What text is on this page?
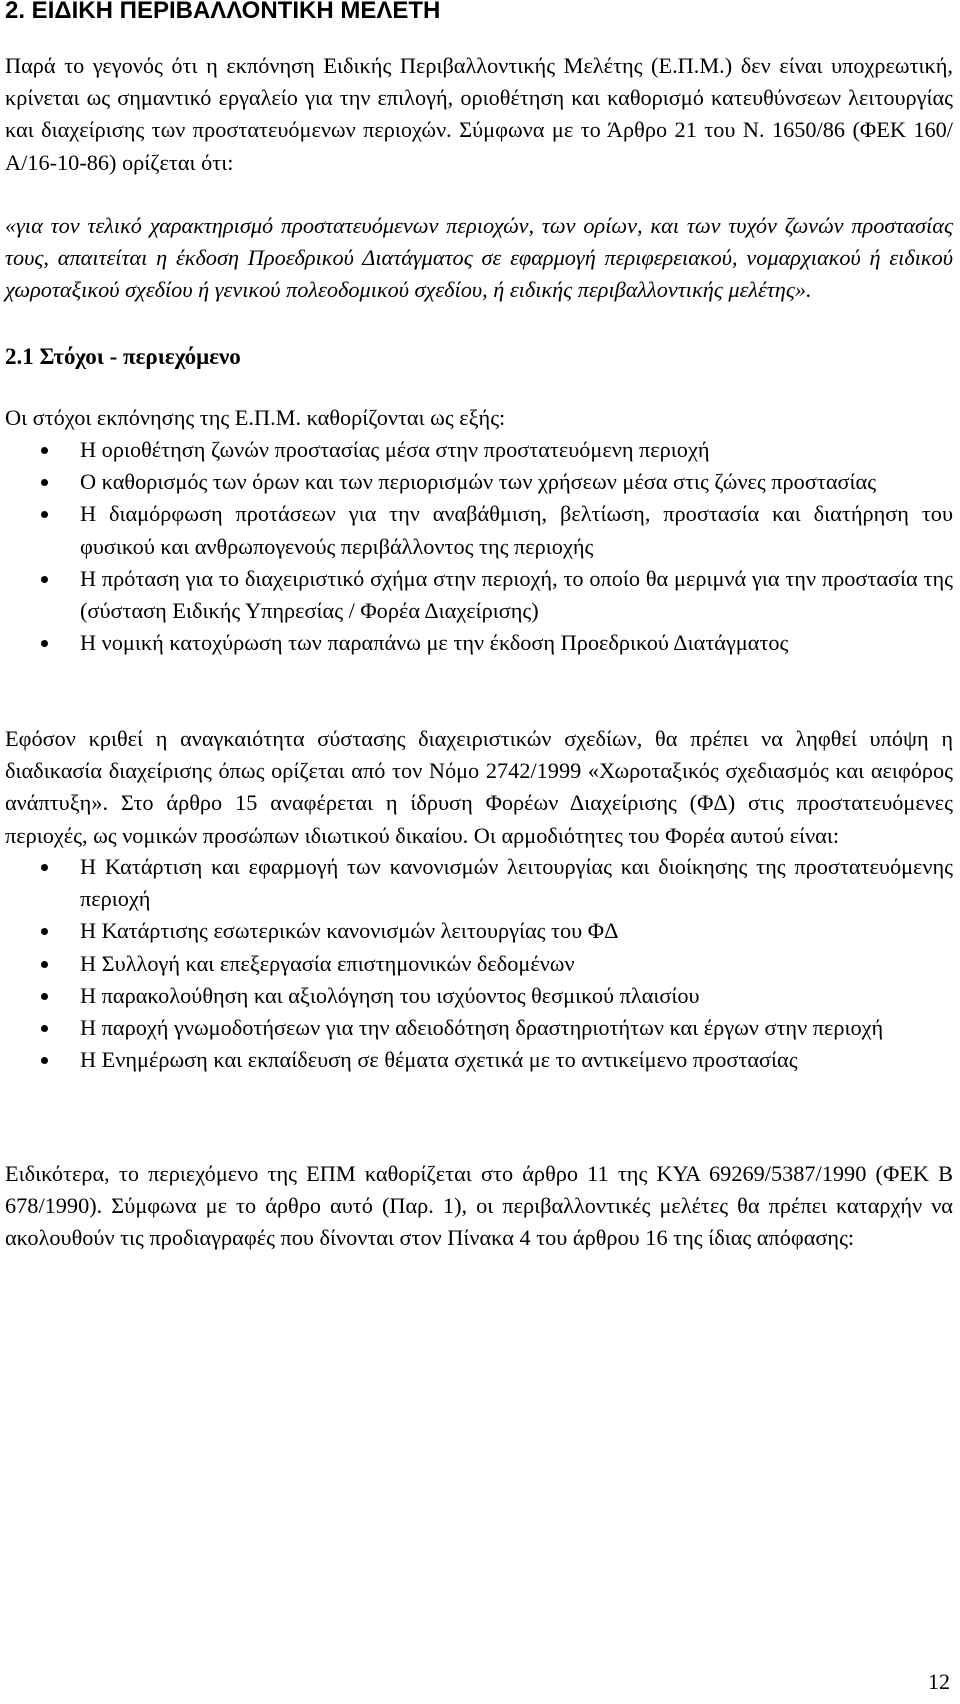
2. ΕΙΔΙΚΗ ΠΕΡΙΒΑΛΛΟΝΤΙΚΗ ΜΕΛΕΤΗ

Παρά το γεγονός ότι η εκπόνηση Ειδικής Περιβαλλοντικής Μελέτης (Ε.Π.Μ.) δεν είναι υποχρεωτική, κρίνεται ως σημαντικό εργαλείο για την επιλογή, οριοθέτηση και καθορισμό κατευθύνσεων λειτουργίας και διαχείρισης των προστατευόμενων περιοχών. Σύμφωνα με το Άρθρο 21 του Ν. 1650/86 (ΦΕΚ 160/Α/16-10-86) ορίζεται ότι:

«για τον τελικό χαρακτηρισμό προστατευόμενων περιοχών, των ορίων, και των τυχόν ζωνών προστασίας τους, απαιτείται η έκδοση Προεδρικού Διατάγματος σε εφαρμογή περιφερειακού, νομαρχιακού ή ειδικού χωροταξικού σχεδίου ή γενικού πολεοδομικού σχεδίου, ή ειδικής περιβαλλοντικής μελέτης».

2.1 Στόχοι - περιεχόμενο

Οι στόχοι εκπόνησης της Ε.Π.Μ. καθορίζονται ως εξής:

Η οριοθέτηση ζωνών προστασίας μέσα στην προστατευόμενη περιοχή
Ο καθορισμός των όρων και των περιορισμών των χρήσεων μέσα στις ζώνες προστασίας
Η διαμόρφωση προτάσεων για την αναβάθμιση, βελτίωση, προστασία και διατήρηση του φυσικού και ανθρωπογενούς περιβάλλοντος της περιοχής
Η πρόταση για το διαχειριστικό σχήμα στην περιοχή, το οποίο θα μεριμνά για την προστασία της (σύσταση Ειδικής Υπηρεσίας / Φορέα Διαχείρισης)
Η νομική κατοχύρωση των παραπάνω με την έκδοση Προεδρικού Διατάγματος

Εφόσον κριθεί η αναγκαιότητα σύστασης διαχειριστικών σχεδίων, θα πρέπει να ληφθεί υπόψη η διαδικασία διαχείρισης όπως ορίζεται από τον Νόμο 2742/1999 «Χωροταξικός σχεδιασμός και αειφόρος ανάπτυξη». Στο άρθρο 15 αναφέρεται η ίδρυση Φορέων Διαχείρισης (ΦΔ) στις προστατευόμενες περιοχές, ως νομικών προσώπων ιδιωτικού δικαίου. Οι αρμοδιότητες του Φορέα αυτού είναι:

Η Κατάρτιση και εφαρμογή των κανονισμών λειτουργίας και διοίκησης της προστατευόμενης περιοχή
Η Κατάρτισης εσωτερικών κανονισμών λειτουργίας του ΦΔ
Η Συλλογή και επεξεργασία επιστημονικών δεδομένων
Η παρακολούθηση και αξιολόγηση του ισχύοντος θεσμικού πλαισίου
Η παροχή γνωμοδοτήσεων για την αδειοδότηση δραστηριοτήτων και έργων στην περιοχή
Η Ενημέρωση και εκπαίδευση σε θέματα σχετικά με το αντικείμενο προστασίας

Ειδικότερα, το περιεχόμενο της ΕΠΜ καθορίζεται στο άρθρο 11 της ΚΥΑ 69269/5387/1990 (ΦΕΚ Β 678/1990). Σύμφωνα με το άρθρο αυτό (Παρ. 1), οι περιβαλλοντικές μελέτες θα πρέπει καταρχήν να ακολουθούν τις προδιαγραφές που δίνονται στον Πίνακα 4 του άρθρου 16 της ίδιας απόφασης:

12
